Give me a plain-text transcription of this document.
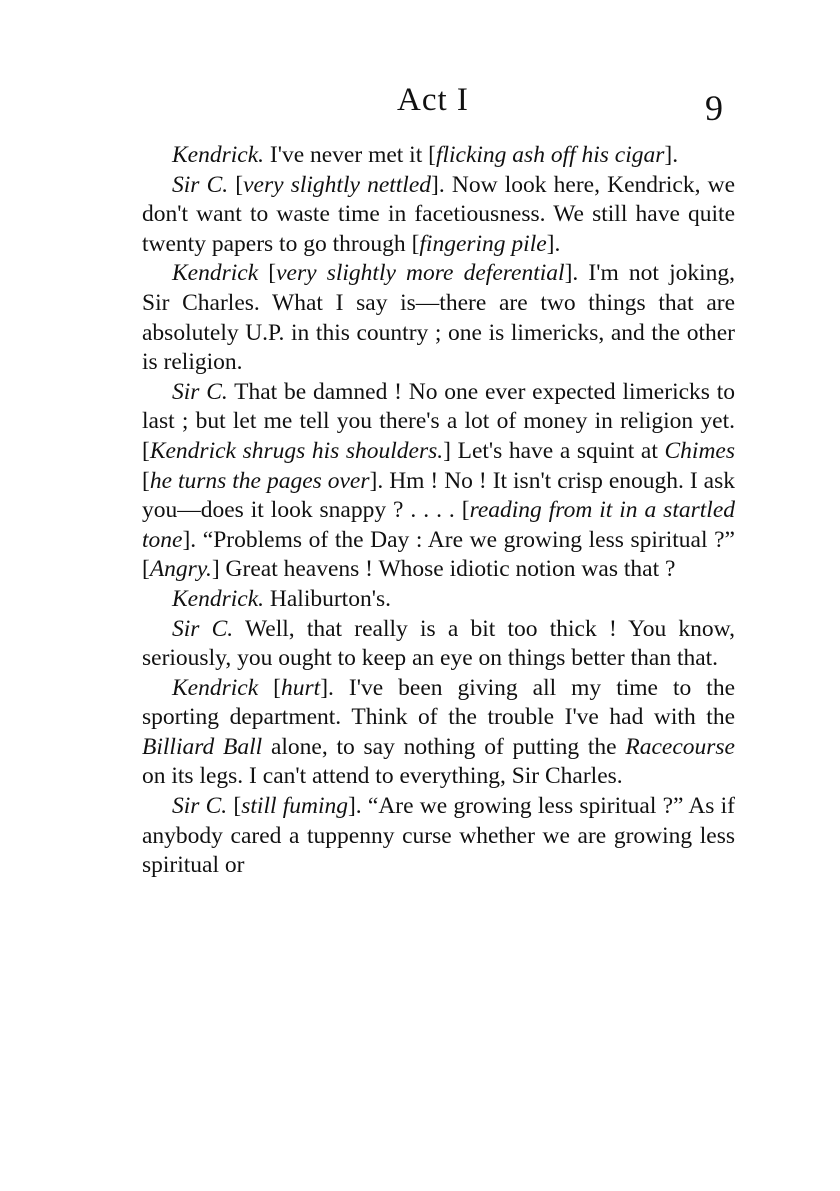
Act I	9

Kendrick. I've never met it [flicking ash off his cigar].

Sir C. [very slightly nettled]. Now look here, Kendrick, we don't want to waste time in facetiousness. We still have quite twenty papers to go through [fingering pile].

Kendrick [very slightly more deferential]. I'm not joking, Sir Charles. What I say is—there are two things that are absolutely U.P. in this country ; one is limericks, and the other is religion.

Sir C. That be damned ! No one ever expected limericks to last ; but let me tell you there's a lot of money in religion yet. [Kendrick shrugs his shoulders.] Let's have a squint at Chimes [he turns the pages over]. Hm ! No ! It isn't crisp enough. I ask you—does it look snappy ? . . . . [reading from it in a startled tone]. “Problems of the Day : Are we growing less spiritual ?” [Angry.] Great heavens ! Whose idiotic notion was that ?

Kendrick. Haliburton's.

Sir C. Well, that really is a bit too thick ! You know, seriously, you ought to keep an eye on things better than that.

Kendrick [hurt]. I've been giving all my time to the sporting department. Think of the trouble I've had with the Billiard Ball alone, to say nothing of putting the Racecourse on its legs. I can't attend to everything, Sir Charles.

Sir C. [still fuming]. “Are we growing less spiritual ?” As if anybody cared a tuppenny curse whether we are growing less spiritual or
